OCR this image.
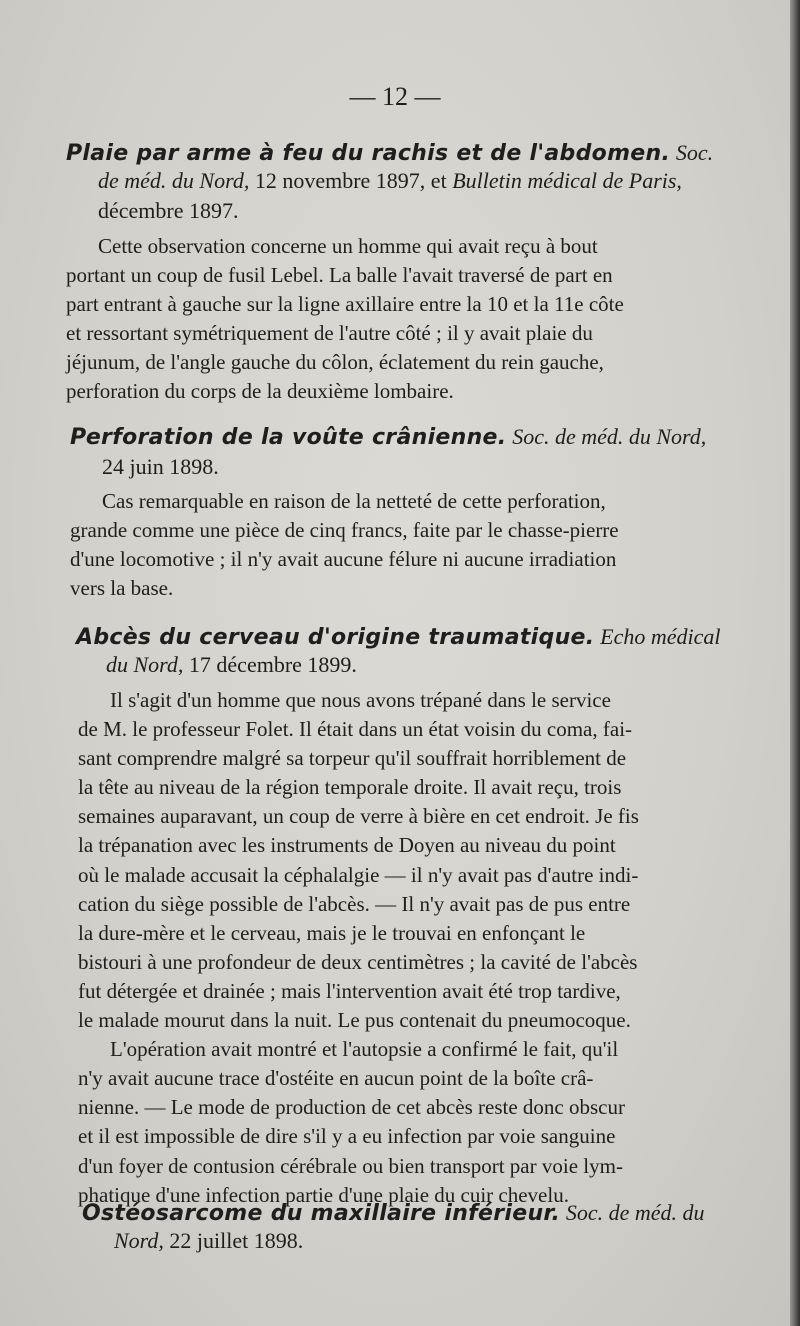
— 12 —
Plaie par arme à feu du rachis et de l'abdomen. Soc.
de méd. du Nord, 12 novembre 1897, et Bulletin médical de Paris,
décembre 1897.
Cette observation concerne un homme qui avait reçu à bout
portant un coup de fusil Lebel. La balle l'avait traversé de part en
part entrant à gauche sur la ligne axillaire entre la 10 et la 11e côte
et ressortant symétriquement de l'autre côté ; il y avait plaie du
jéjunum, de l'angle gauche du côlon, éclatement du rein gauche,
perforation du corps de la deuxième lombaire.
Perforation de la voûte crânienne. Soc. de méd. du Nord,
24 juin 1898.
Cas remarquable en raison de la netteté de cette perforation,
grande comme une pièce de cinq francs, faite par le chasse-pierre
d'une locomotive ; il n'y avait aucune félure ni aucune irradiation
vers la base.
Abcès du cerveau d'origine traumatique. Echo médical
du Nord, 17 décembre 1899.
Il s'agit d'un homme que nous avons trépané dans le service
de M. le professeur Folet. Il était dans un état voisin du coma, fai-
sant comprendre malgré sa torpeur qu'il souffrait horriblement de
la tête au niveau de la région temporale droite. Il avait reçu, trois
semaines auparavant, un coup de verre à bière en cet endroit. Je fis
la trépanation avec les instruments de Doyen au niveau du point
où le malade accusait la céphalalgie — il n'y avait pas d'autre indi-
cation du siège possible de l'abcès. — Il n'y avait pas de pus entre
la dure-mère et le cerveau, mais je le trouvai en enfonçant le
bistouri à une profondeur de deux centimètres ; la cavité de l'abcès
fut détergée et drainée ; mais l'intervention avait été trop tardive,
le malade mourut dans la nuit. Le pus contenait du pneumocoque.
L'opération avait montré et l'autopsie a confirmé le fait, qu'il
n'y avait aucune trace d'ostéite en aucun point de la boîte crâ-
nienne. — Le mode de production de cet abcès reste donc obscur
et il est impossible de dire s'il y a eu infection par voie sanguine
d'un foyer de contusion cérébrale ou bien transport par voie lym-
phatique d'une infection partie d'une plaie du cuir chevelu.
Ostéosarcome du maxillaire inférieur. Soc. de méd. du
Nord, 22 juillet 1898.
